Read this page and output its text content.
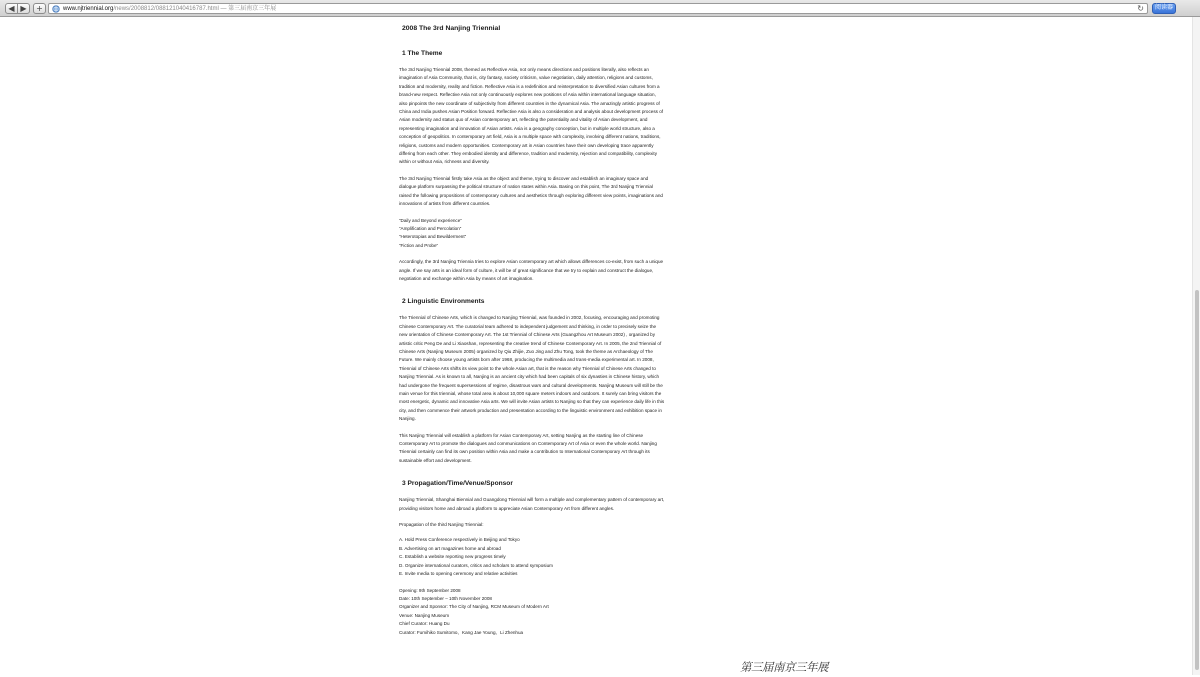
◀ ▶	+	www.njtriennial.org/news/2008812/088121040416787.html — 第三届南京三年展	↻	阅读器
2008 The 3rd Nanjing Triennial
1 The Theme
The 3rd Nanjing Triennial 2008, themed as Reflective Asia, not only means directions and positions literally, also reflects an imagination of Asia Community, that is, city fantasy, society criticism, value negotiation, daily attention, religions and customs, tradition and modernity, reality and fiction. Reflective Asia is a redefinition and reinterpretation to diversified Asian cultures from a brand-new respect. Reflective Asia not only continuously explores new positions of Asia within international language situation, also pinpoints the new coordinate of subjectivity from different countries in the dynamical Asia. The amazingly artistic progress of China and India pushes Asian Position forward. Reflective Asia is also a consideration and analysis about development process of Asian modernity and status quo of Asian contemporary art, reflecting the potentiality and vitality of Asian development, and representing imagination and innovation of Asian artists. Asia is a geography conception, but in multiple world structure, also a conception of geopolitics. In contemporary art field, Asia is a multiple space with complexity, involving different nations, traditions, religions, customs and modern opportunities. Contemporary art in Asian countries have their own developing trace apparently differing from each other. They embodied identity and difference, tradition and modernity, rejection and compatibility, complexity within or without Asia, richness and diversity.
The 3rd Nanjing Triennial firstly take Asia as the object and theme, trying to discover and establish an imaginary space and dialogue platform surpassing the political structure of nation states within Asia. Basing on this point, The 3rd Nanjing Triennial raised the following propositions of contemporary cultures and aesthetics through exploring different view points, imaginations and innovations of artists from different countries.
“Daily and Beyond experience”
“Amplification and Percolation”
“Heterotopias and Bewilderment”
“Fiction and Probe”
Accordingly, the 3rd Nanjing Triennia tries to explore Asian contemporary art which allows differences co-exist, from such a unique angle. If we say arts is an ideal form of culture, it will be of great significance that we try to explain and construct the dialogue, negotiation and exchange within Asia by means of art imagination.
2 Linguistic Environments
The Triennial of Chinese Arts, which is changed to Nanjing Triennial, was founded in 2002, focusing, encouraging and promoting Chinese Contemporary Art. The curatorial team adhered to independent judgement and thinking, in order to precisely seize the new orientation of Chinese Contemporary Art. The 1st Triennial of Chinese Arts (Guangzhou Art Museum 2002) , organized by artistic critic Peng De and Li Xiaoshan, representing the creative trend of Chinese Contemporary Art. In 2005, the 2nd Triennial of Chinese Arts (Nanjing Museum 2005) organized by Qiu Zhijie, Zuo Jing and Zhu Tong, took the theme as Archaeology of The Future. We mainly choose young artists born after 1968, producing the multimedia and trans-media experimental art. In 2008, Triennial of Chinese Arts shifts its view point to the whole Asian art, that is the reason why Triennial of Chinese Arts changed to Nanjing Triennial. As is known to all, Nanjing is an ancient city which had been capitals of six dynasties in Chinese history, which had undergone the frequent supersessions of regime, disastrous wars and cultural developments. Nanjing Museum will still be the main venue for this triennial, whose total area is about 10,000 square meters indoors and outdoors. It surely can bring visitors the most energetic, dynamic and innovative Asia arts. We will invite Asian artists to Nanjing so that they can experience daily life in this city, and then commence their artwork production and presentation according to the linguistic environment and exhibition space in Nanjing.
This Nanjing Triennial will establish a platform for Asian Contemporary Art, setting Nanjing as the starting line of Chinese Contemporary Art to promote the dialogues and communications on Contemporary Art of Asia or even the whole world. Nanjing Triennial certainly can find its own position within Asia and make a contribution to International Contemporary Art through its sustainable effort and development.
3 Propagation/Time/Venue/Sponsor
Nanjing Triennial, Shanghai Biennial and Guangdong Triennial will form a multiple and complementary pattern of contemporary art, providing visitors home and abroad a platform to appreciate Asian Contemporary Art from different angles.
Propagation of the third Nanjing Triennial:
A. Hold Press Conference respectively in Beijing and Tokyo
B. Advertising on art magazines home and abroad
C. Establish a website reporting new progress timely
D. Organize international curators, critics and scholars to attend symposium
E. Invite media to opening ceremony and relative activities
Opening: 9th September 2008
Date: 10th September – 10th November 2008
Organizer and Sponsor: The City of Nanjing, RCM Museum of Modern Art
Venue: Nanjing Museum
Chief Curator: Huang Du
Curator: Fumihiko Sumitomo、Kang Jae Young、Li Zhenhua
第三届南京三年展
